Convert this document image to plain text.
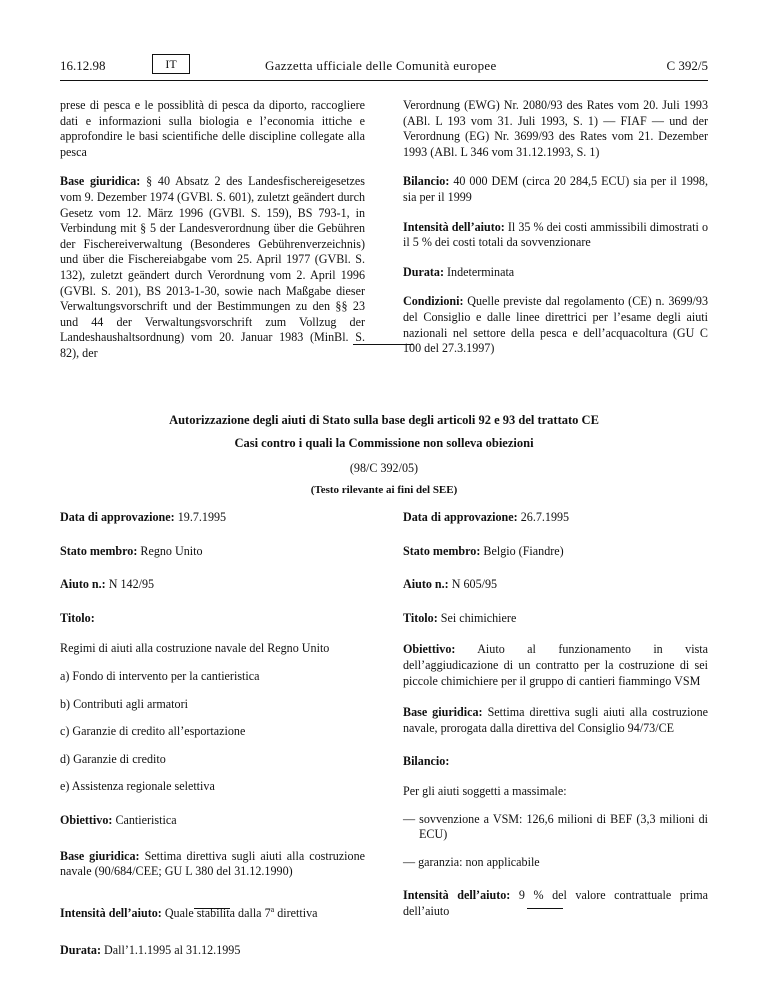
16.12.98	IT	Gazzetta ufficiale delle Comunità europee	C 392/5

prese di pesca e le possiblità di pesca da diporto, raccogliere dati e informazioni sulla biologia e l’economia ittiche e approfondire le basi scientifiche delle discipline collegate alla pesca

Base giuridica: § 40 Absatz 2 des Landesfischereigesetzes vom 9. Dezember 1974 (GVBl. S. 601), zuletzt geändert durch Gesetz vom 12. März 1996 (GVBl. S. 159), BS 793-1, in Verbindung mit § 5 der Landesverordnung über die Gebühren der Fischereiverwaltung (Besonderes Gebührenverzeichnis) und über die Fischereiabgabe vom 25. April 1977 (GVBl. S. 132), zuletzt geändert durch Verordnung vom 2. April 1996 (GVBl. S. 201), BS 2013-1-30, sowie nach Maßgabe dieser Verwaltungsvorschrift und der Bestimmungen zu den §§ 23 und 44 der Verwaltungsvorschrift zum Vollzug der Landeshaushaltsordnung) vom 20. Januar 1983 (MinBl. S. 82), der

Verordnung (EWG) Nr. 2080/93 des Rates vom 20. Juli 1993 (ABl. L 193 vom 31. Juli 1993, S. 1) — FIAF — und der Verordnung (EG) Nr. 3699/93 des Rates vom 21. Dezember 1993 (ABl. L 346 vom 31.12.1993, S. 1)

Bilancio: 40 000 DEM (circa 20 284,5 ECU) sia per il 1998, sia per il 1999

Intensità dell’aiuto: Il 35 % dei costi ammissibili dimostrati o il 5 % dei costi totali da sovvenzionare

Durata: Indeterminata

Condizioni: Quelle previste dal regolamento (CE) n. 3699/93 del Consiglio e dalle linee direttrici per l’esame degli aiuti nazionali nel settore della pesca e dell’acquacoltura (GU C 100 del 27.3.1997)

Autorizzazione degli aiuti di Stato sulla base degli articoli 92 e 93 del trattato CE
Casi contro i quali la Commissione non solleva obiezioni
(98/C 392/05)
(Testo rilevante ai fini del SEE)

Data di approvazione: 19.7.1995

Stato membro: Regno Unito

Aiuto n.: N 142/95

Titolo:

Regimi di aiuti alla costruzione navale del Regno Unito

a) Fondo di intervento per la cantieristica

b) Contributi agli armatori

c) Garanzie di credito all’esportazione

d) Garanzie di credito

e) Assistenza regionale selettiva

Obiettivo: Cantieristica

Base giuridica: Settima direttiva sugli aiuti alla costruzione navale (90/684/CEE; GU L 380 del 31.12.1990)

Intensità dell’aiuto: Quale stabilita dalla 7$^a$ direttiva

Durata: Dall’1.1.1995 al 31.12.1995

Data di approvazione: 26.7.1995

Stato membro: Belgio (Fiandre)

Aiuto n.: N 605/95

Titolo: Sei chimichiere

Obiettivo: Aiuto al funzionamento in vista dell’aggiudicazione di un contratto per la costruzione di sei piccole chimichiere per il gruppo di cantieri fiammingo VSM

Base giuridica: Settima direttiva sugli aiuti alla costruzione navale, prorogata dalla direttiva del Consiglio 94/73/CE

Bilancio:

Per gli aiuti soggetti a massimale:

— sovvenzione a VSM: 126,6 milioni di BEF (3,3 milioni di ECU)

— garanzia: non applicabile

Intensità dell’aiuto: 9 % del valore contrattuale prima dell’aiuto
